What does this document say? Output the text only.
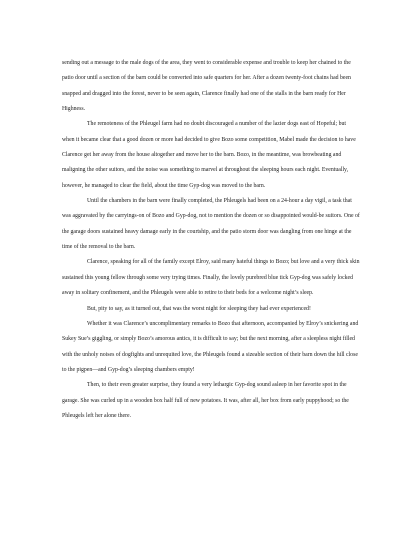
sending out a message to the male dogs of the area, they went to considerable expense and trouble to keep her chained to the patio door until a section of the barn could be converted into safe quarters for her. After a dozen twenty-foot chains had been snapped and dragged into the forest, never to be seen again, Clarence finally had one of the stalls in the barn ready for Her Highness.

The remoteness of the Phleugel farm had no doubt discouraged a number of the lazier dogs east of Hopeful; but when it became clear that a good dozen or more had decided to give Bozo some competition, Mabel made the decision to have Clarence get her away from the house altogether and move her to the barn. Bozo, in the meantime, was browbeating and maligning the other suitors, and the noise was something to marvel at throughout the sleeping hours each night. Eventually, however, he managed to clear the field, about the time Gyp-dog was moved to the barn.

Until the chambers in the barn were finally completed, the Phleugels had been on a 24-hour a day vigil, a task that was aggravated by the carryings-on of Bozo and Gyp-dog, not to mention the dozen or so disappointed would-be suitors. One of the garage doors sustained heavy damage early in the courtship, and the patio storm door was dangling from one hinge at the time of the removal to the barn.

Clarence, speaking for all of the family except Elroy, said many hateful things to Bozo; but love and a very thick skin sustained this young fellow through some very trying times. Finally, the lovely purebred blue tick Gyp-dog was safely locked away in solitary confinement, and the Phleugels were able to retire to their beds for a welcome night’s sleep.

But, pity to say, as it turned out, that was the worst night for sleeping they had ever experienced!

Whether it was Clarence’s uncomplimentary remarks to Bozo that afternoon, accompanied by Elroy’s snickering and Sukey Sue’s giggling, or simply Bozo’s amorous antics, it is difficult to say; but the next morning, after a sleepless night filled with the unholy noises of dogfights and unrequited love, the Phleugels found a sizeable section of their barn down the hill close to the pigpen—and Gyp-dog’s sleeping chambers empty!

Then, to their even greater surprise, they found a very lethargic Gyp-dog sound asleep in her favorite spot in the garage. She was curled up in a wooden box half full of new potatoes. It was, after all, her box from early puppyhood; so the Phleugels left her alone there.
